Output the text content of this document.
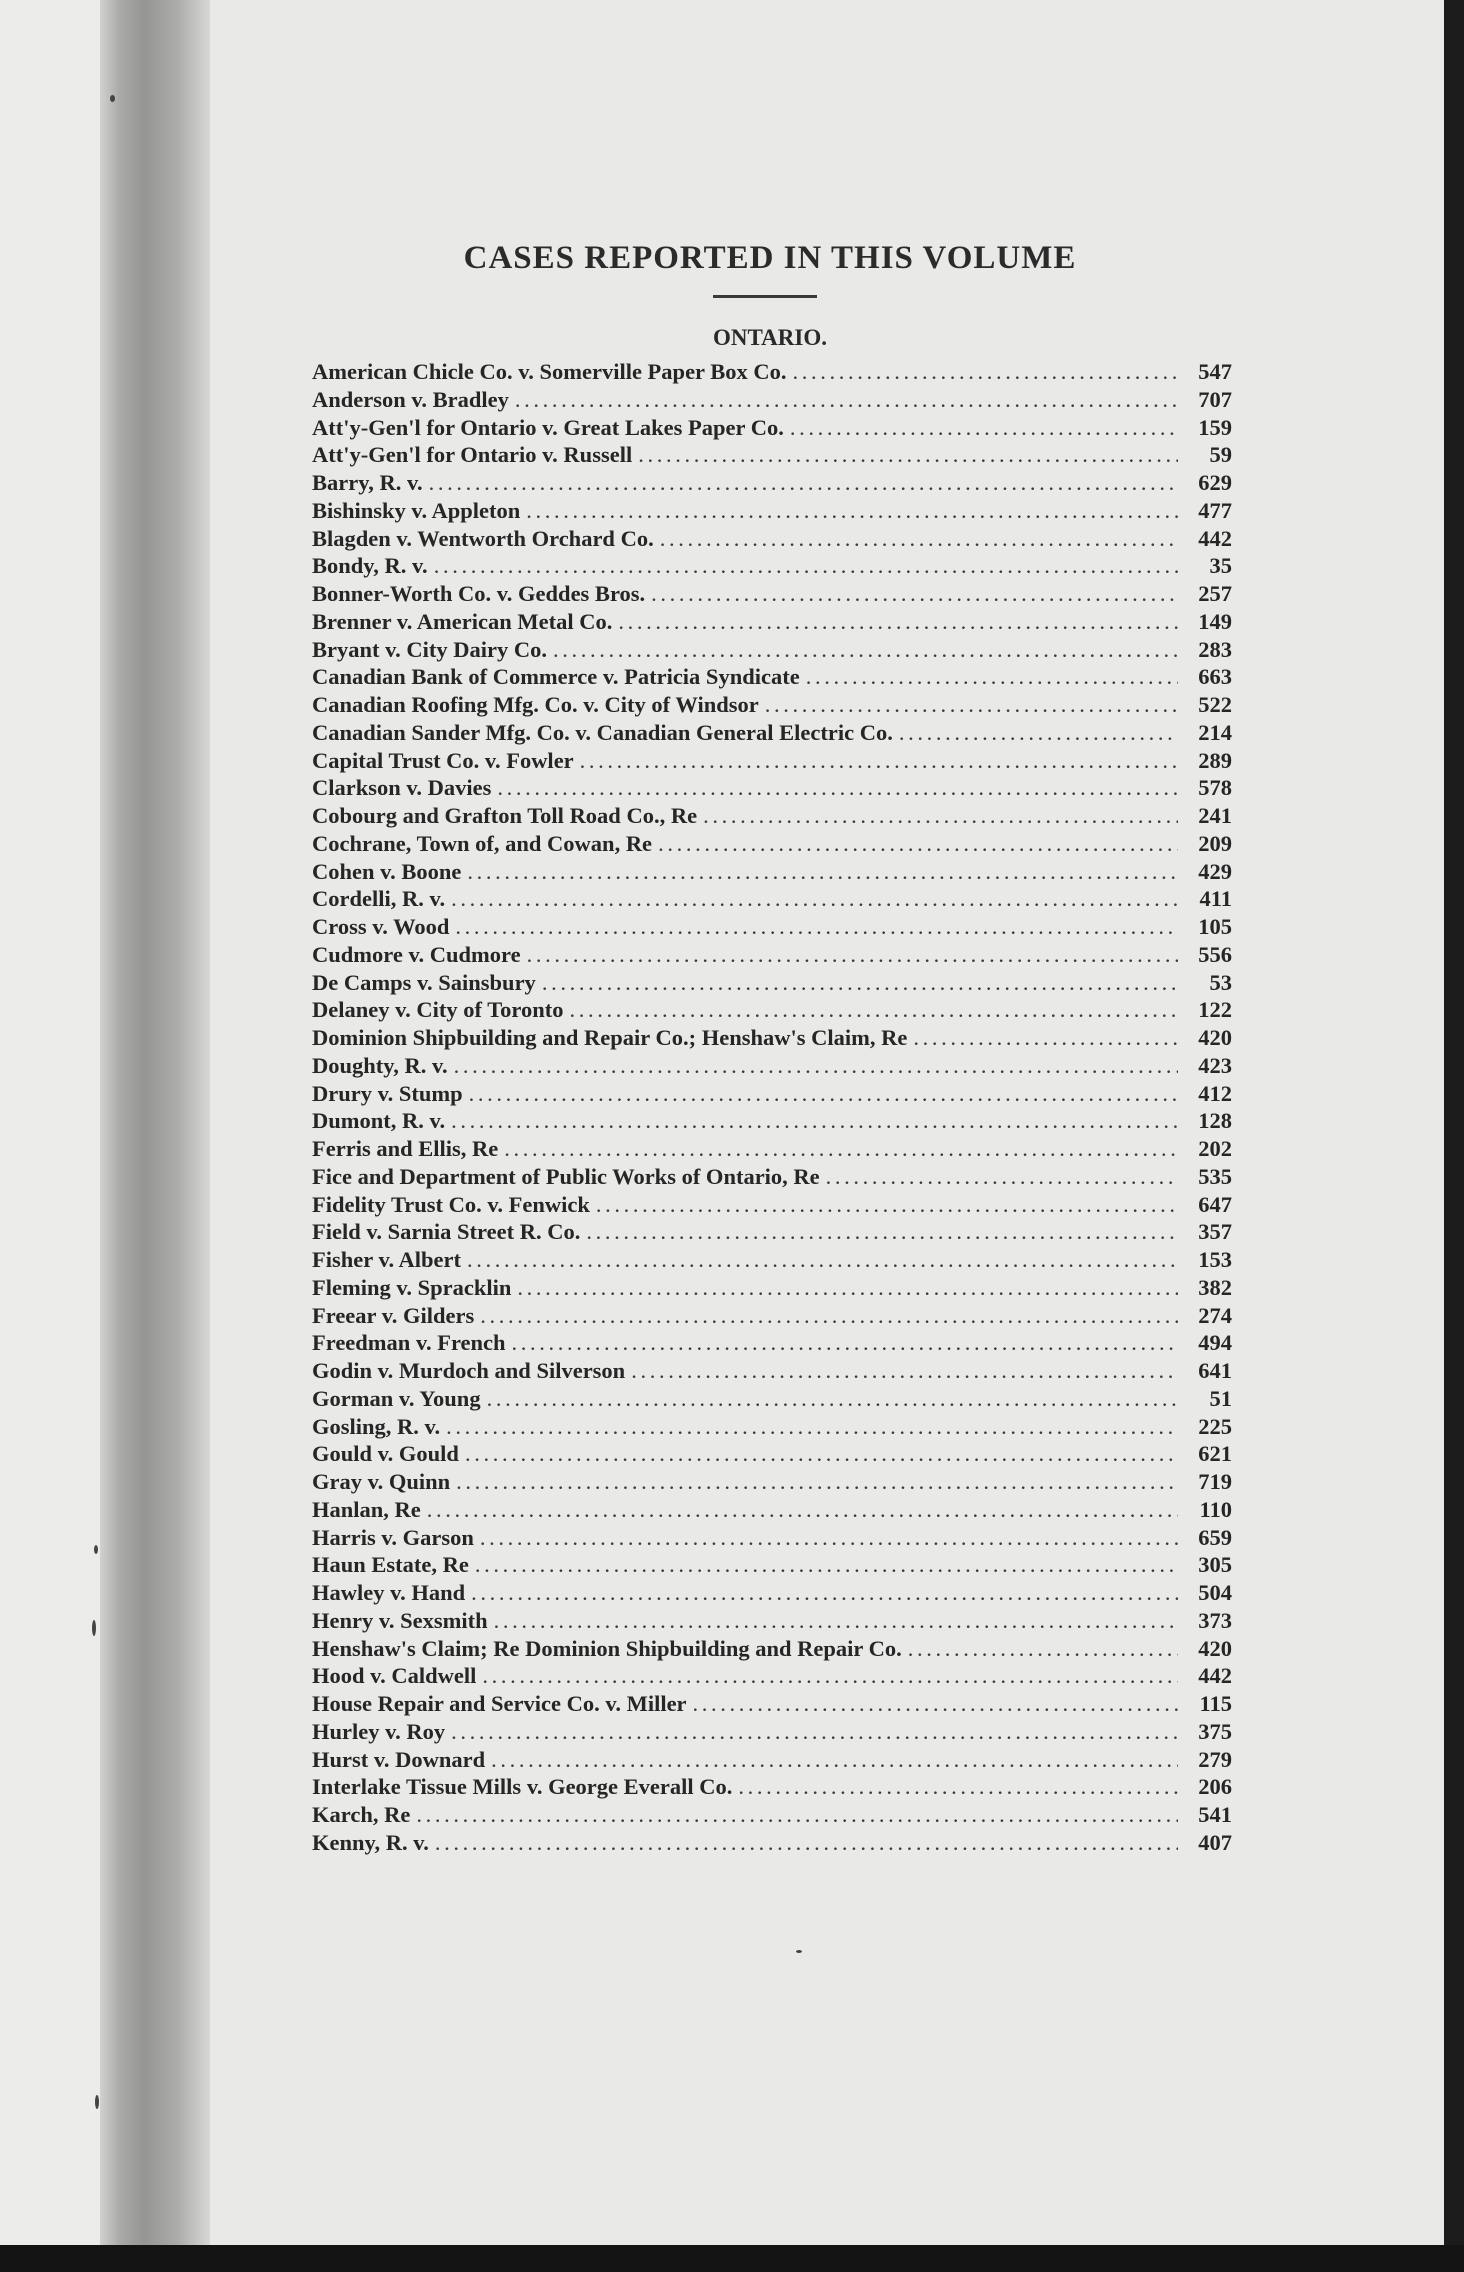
CASES REPORTED IN THIS VOLUME
ONTARIO.
American Chicle Co. v. Somerville Paper Box Co. . . .	547
Anderson v. Bradley . . .	707
Att'y-Gen'l for Ontario v. Great Lakes Paper Co. . . .	159
Att'y-Gen'l for Ontario v. Russell . . .	59
Barry, R. v. . . .	629
Bishinsky v. Appleton . . .	477
Blagden v. Wentworth Orchard Co. . . .	442
Bondy, R. v. . . .	35
Bonner-Worth Co. v. Geddes Bros. . . .	257
Brenner v. American Metal Co. . . .	149
Bryant v. City Dairy Co. . . .	283
Canadian Bank of Commerce v. Patricia Syndicate . . .	663
Canadian Roofing Mfg. Co. v. City of Windsor . . .	522
Canadian Sander Mfg. Co. v. Canadian General Electric Co. . . .	214
Capital Trust Co. v. Fowler . . .	289
Clarkson v. Davies . . .	578
Cobourg and Grafton Toll Road Co., Re . . .	241
Cochrane, Town of, and Cowan, Re . . .	209
Cohen v. Boone . . .	429
Cordelli, R. v. . . .	411
Cross v. Wood . . .	105
Cudmore v. Cudmore . . .	556
De Camps v. Sainsbury . . .	53
Delaney v. City of Toronto . . .	122
Dominion Shipbuilding and Repair Co.; Henshaw's Claim, Re . . .	420
Doughty, R. v. . . .	423
Drury v. Stump . . .	412
Dumont, R. v. . . .	128
Ferris and Ellis, Re . . .	202
Fice and Department of Public Works of Ontario, Re . . .	535
Fidelity Trust Co. v. Fenwick . . .	647
Field v. Sarnia Street R. Co. . . .	357
Fisher v. Albert . . .	153
Fleming v. Spracklin . . .	382
Freear v. Gilders . . .	274
Freedman v. French . . .	494
Godin v. Murdoch and Silverson . . .	641
Gorman v. Young . . .	51
Gosling, R. v. . . .	225
Gould v. Gould . . .	621
Gray v. Quinn . . .	719
Hanlan, Re . . .	110
Harris v. Garson . . .	659
Haun Estate, Re . . .	305
Hawley v. Hand . . .	504
Henry v. Sexsmith . . .	373
Henshaw's Claim; Re Dominion Shipbuilding and Repair Co. . . .	420
Hood v. Caldwell . . .	442
House Repair and Service Co. v. Miller . . .	115
Hurley v. Roy . . .	375
Hurst v. Downard . . .	279
Interlake Tissue Mills v. George Everall Co. . . .	206
Karch, Re . . .	541
Kenny, R. v. . . .	407
